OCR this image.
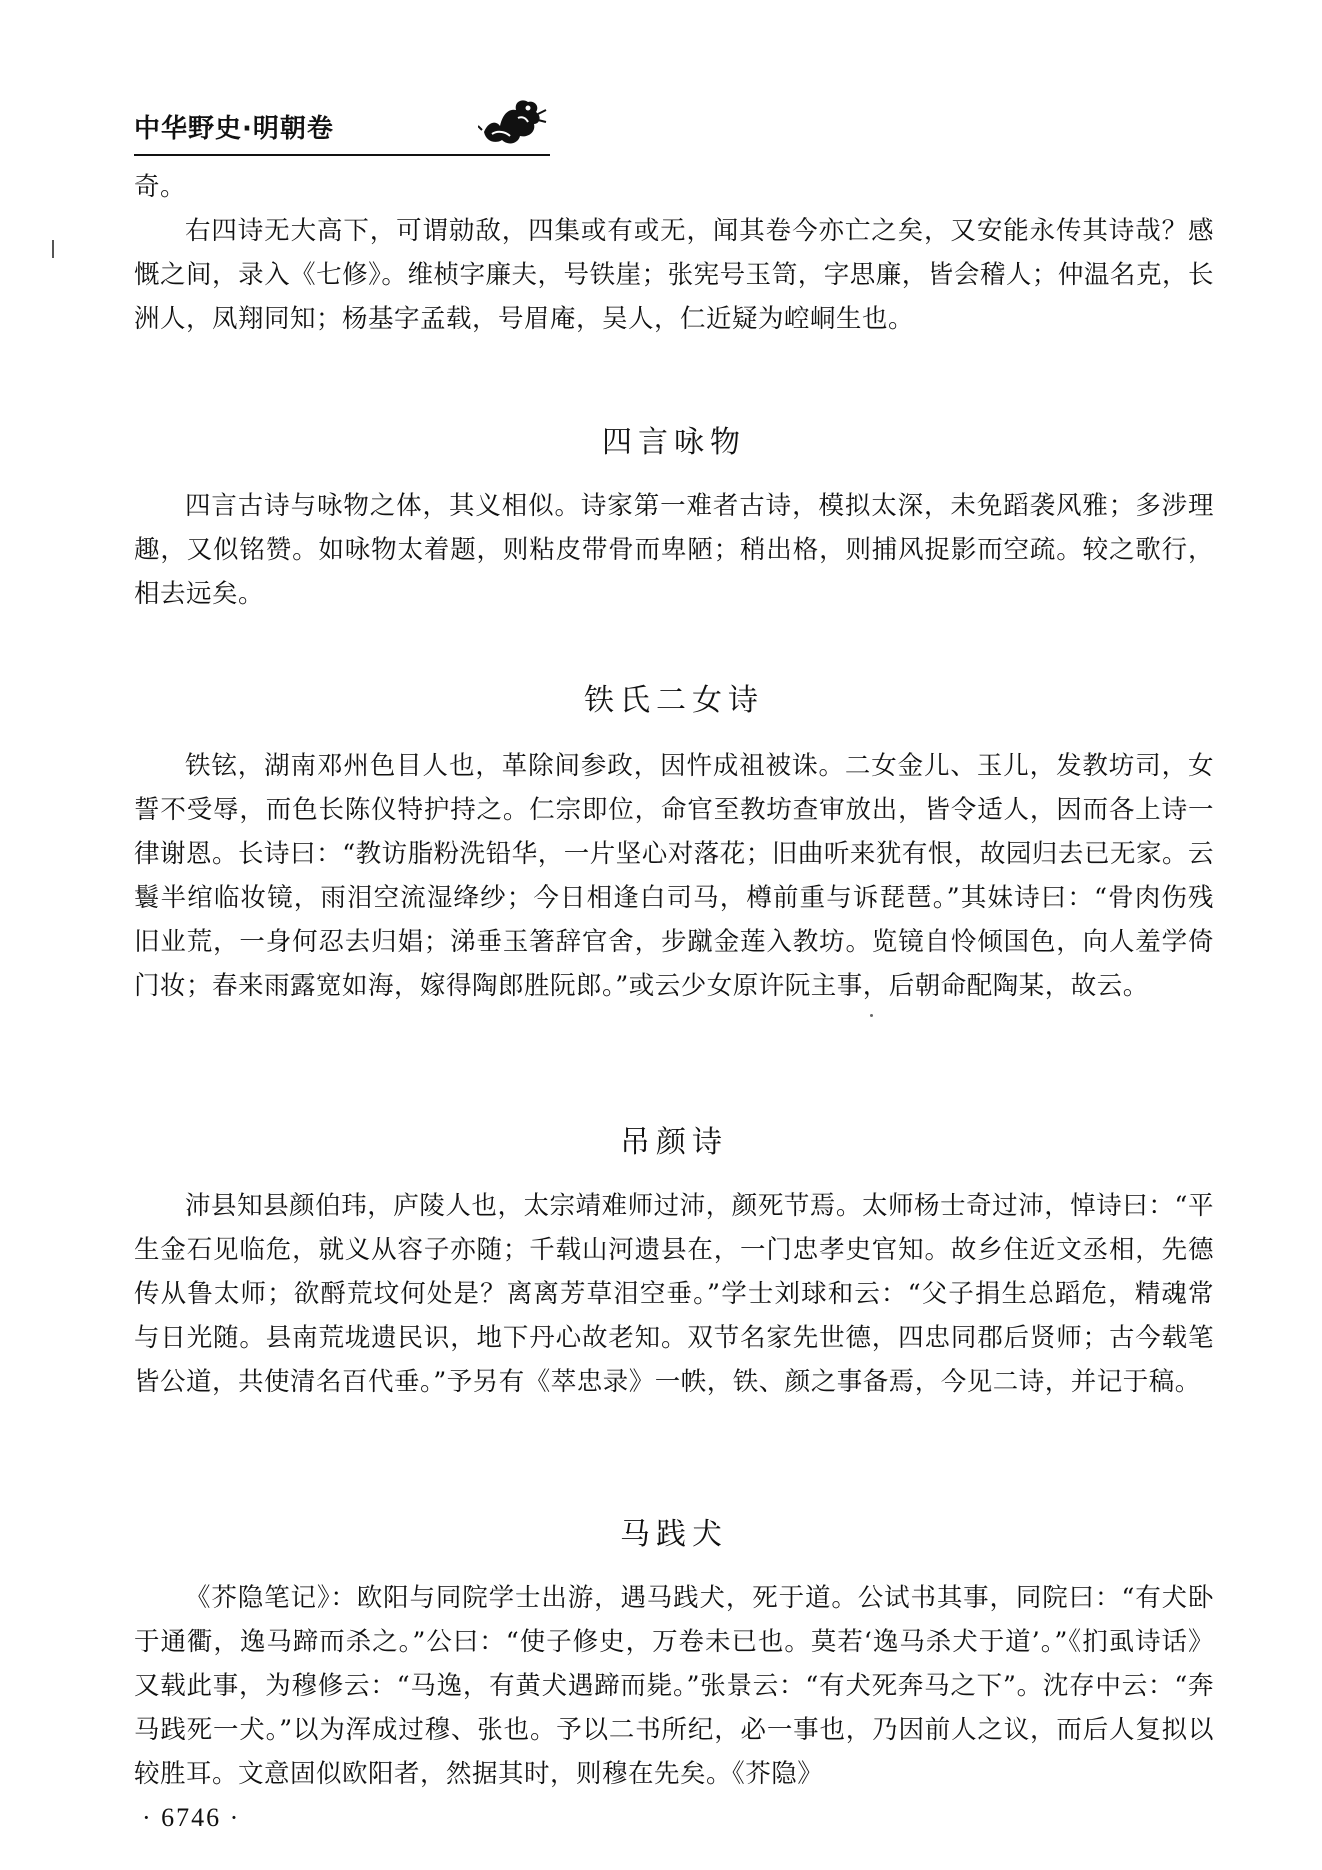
中华野史·明朝卷

奇。

右四诗无大高下，可谓勍敌，四集或有或无，闻其卷今亦亡之矣，又安能永传其诗哉？感慨之间，录入《七修》。维桢字廉夫，号铁崖；张宪号玉笥，字思廉，皆会稽人；仲温名克，长洲人，凤翔同知；杨基字孟载，号眉庵，吴人，仁近疑为崆峒生也。

四言咏物

四言古诗与咏物之体，其义相似。诗家第一难者古诗，模拟太深，未免蹈袭风雅；多涉理趣，又似铭赞。如咏物太着题，则粘皮带骨而卑陋；稍出格，则捕风捉影而空疏。较之歌行，相去远矣。

铁氏二女诗

铁铉，湖南邓州色目人也，革除间参政，因忤成祖被诛。二女金儿、玉儿，发教坊司，女誓不受辱，而色长陈仪特护持之。仁宗即位，命官至教坊查审放出，皆令适人，因而各上诗一律谢恩。长诗曰：“教访脂粉洗铅华，一片坚心对落花；旧曲听来犹有恨，故园归去已无家。云鬟半绾临妆镜，雨泪空流湿绛纱；今日相逢白司马，樽前重与诉琵琶。”其妹诗曰：“骨肉伤残旧业荒，一身何忍去归娼；涕垂玉箸辞官舍，步蹴金莲入教坊。览镜自怜倾国色，向人羞学倚门妆；春来雨露宽如海，嫁得陶郎胜阮郎。”或云少女原许阮主事，后朝命配陶某，故云。

吊颜诗

沛县知县颜伯玮，庐陵人也，太宗靖难师过沛，颜死节焉。太师杨士奇过沛，悼诗曰：“平生金石见临危，就义从容子亦随；千载山河遗县在，一门忠孝史官知。故乡住近文丞相，先德传从鲁太师；欲酹荒坟何处是？离离芳草泪空垂。”学士刘球和云：“父子捐生总蹈危，精魂常与日光随。县南荒垅遗民识，地下丹心故老知。双节名家先世德，四忠同郡后贤师；古今载笔皆公道，共使清名百代垂。”予另有《萃忠录》一帙，铁、颜之事备焉，今见二诗，并记于稿。

马践犬

《芥隐笔记》：欧阳与同院学士出游，遇马践犬，死于道。公试书其事，同院曰：“有犬卧于通衢，逸马蹄而杀之。”公曰：“使子修史，万卷未已也。莫若‘逸马杀犬于道’。”《扪虱诗话》又载此事，为穆修云：“马逸，有黄犬遇蹄而毙。”张景云：“有犬死奔马之下”。沈存中云：“奔马践死一犬。”以为浑成过穆、张也。予以二书所纪，必一事也，乃因前人之议，而后人复拟以较胜耳。文意固似欧阳者，然据其时，则穆在先矣。《芥隐》

· 6746 ·
